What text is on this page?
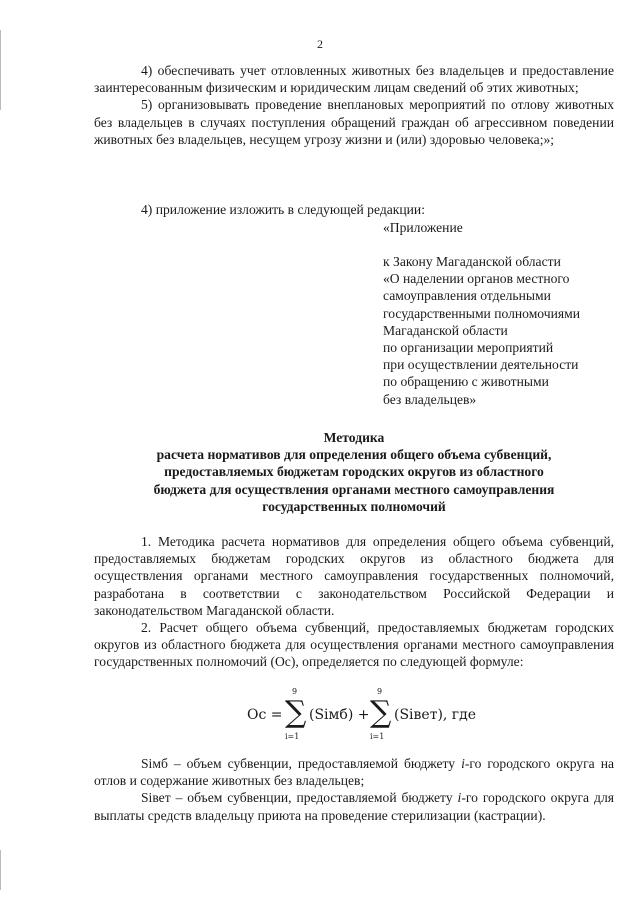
2

4) обеспечивать учет отловленных животных без владельцев и предоставление заинтересованным физическим и юридическим лицам сведений об этих животных;

5) организовывать проведение внеплановых мероприятий по отлову животных без владельцев в случаях поступления обращений граждан об агрессивном поведении животных без владельцев, несущем угрозу жизни и (или) здоровью человека;»;

4) приложение изложить в следующей редакции:

«Приложение
к Закону Магаданской области
«О наделении органов местного
самоуправления отдельными
государственными полномочиями
Магаданской области
по организации мероприятий
при осуществлении деятельности
по обращению с животными
без владельцев»
Методика
расчета нормативов для определения общего объема субвенций,
предоставляемых бюджетам городских округов из областного
бюджета для осуществления органами местного самоуправления
государственных полномочий

1. Методика расчета нормативов для определения общего объема субвенций, предоставляемых бюджетам городских округов из областного бюджета для осуществления органами местного самоуправления государственных полномочий, разработана в соответствии с законодательством Российской Федерации и законодательством Магаданской области.

2. Расчет общего объема субвенций, предоставляемых бюджетам городских округов из областного бюджета для осуществления органами местного самоуправления государственных полномочий (Ос), определяется по следующей формуле:

Ос =
9
∑
i=1
(Sімб) +
9
∑
i=1
(Sівет), где

Sімб – объем субвенции, предоставляемой бюджету і-го городского округа на отлов и содержание животных без владельцев;

Sівет – объем субвенции, предоставляемой бюджету і-го городского округа для выплаты средств владельцу приюта на проведение стерилизации (кастрации).
